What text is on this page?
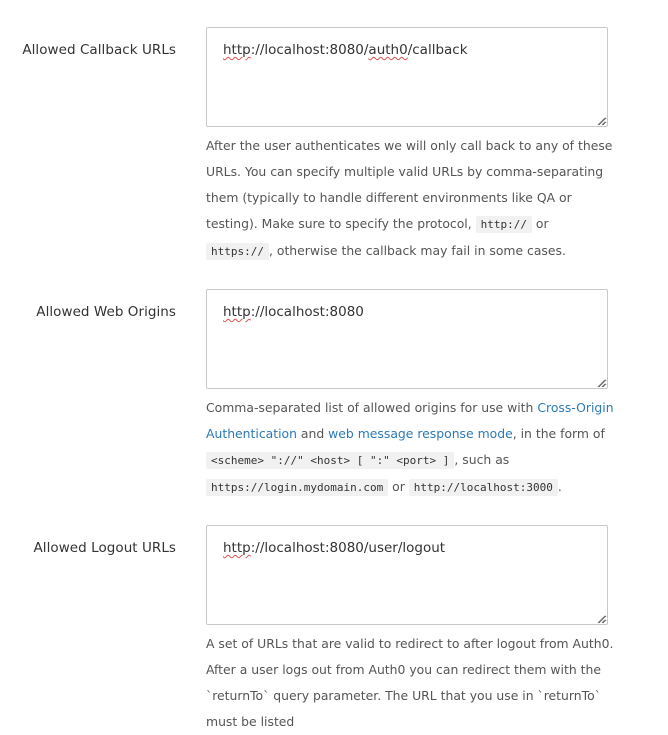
Allowed Callback URLs	http://localhost:8080/auth0/callback
After the user authenticates we will only call back to any of these URLs. You can specify multiple valid URLs by comma-separating them (typically to handle different environments like QA or testing). Make sure to specify the protocol, http:// or https:// , otherwise the callback may fail in some cases.
Allowed Web Origins	http://localhost:8080
Comma-separated list of allowed origins for use with Cross-Origin Authentication and web message response mode, in the form of <scheme> "://" <host> [ ":" <port> ] , such as https://login.mydomain.com or http://localhost:3000 .
Allowed Logout URLs	http://localhost:8080/user/logout
A set of URLs that are valid to redirect to after logout from Auth0. After a user logs out from Auth0 you can redirect them with the `returnTo` query parameter. The URL that you use in `returnTo` must be listed
